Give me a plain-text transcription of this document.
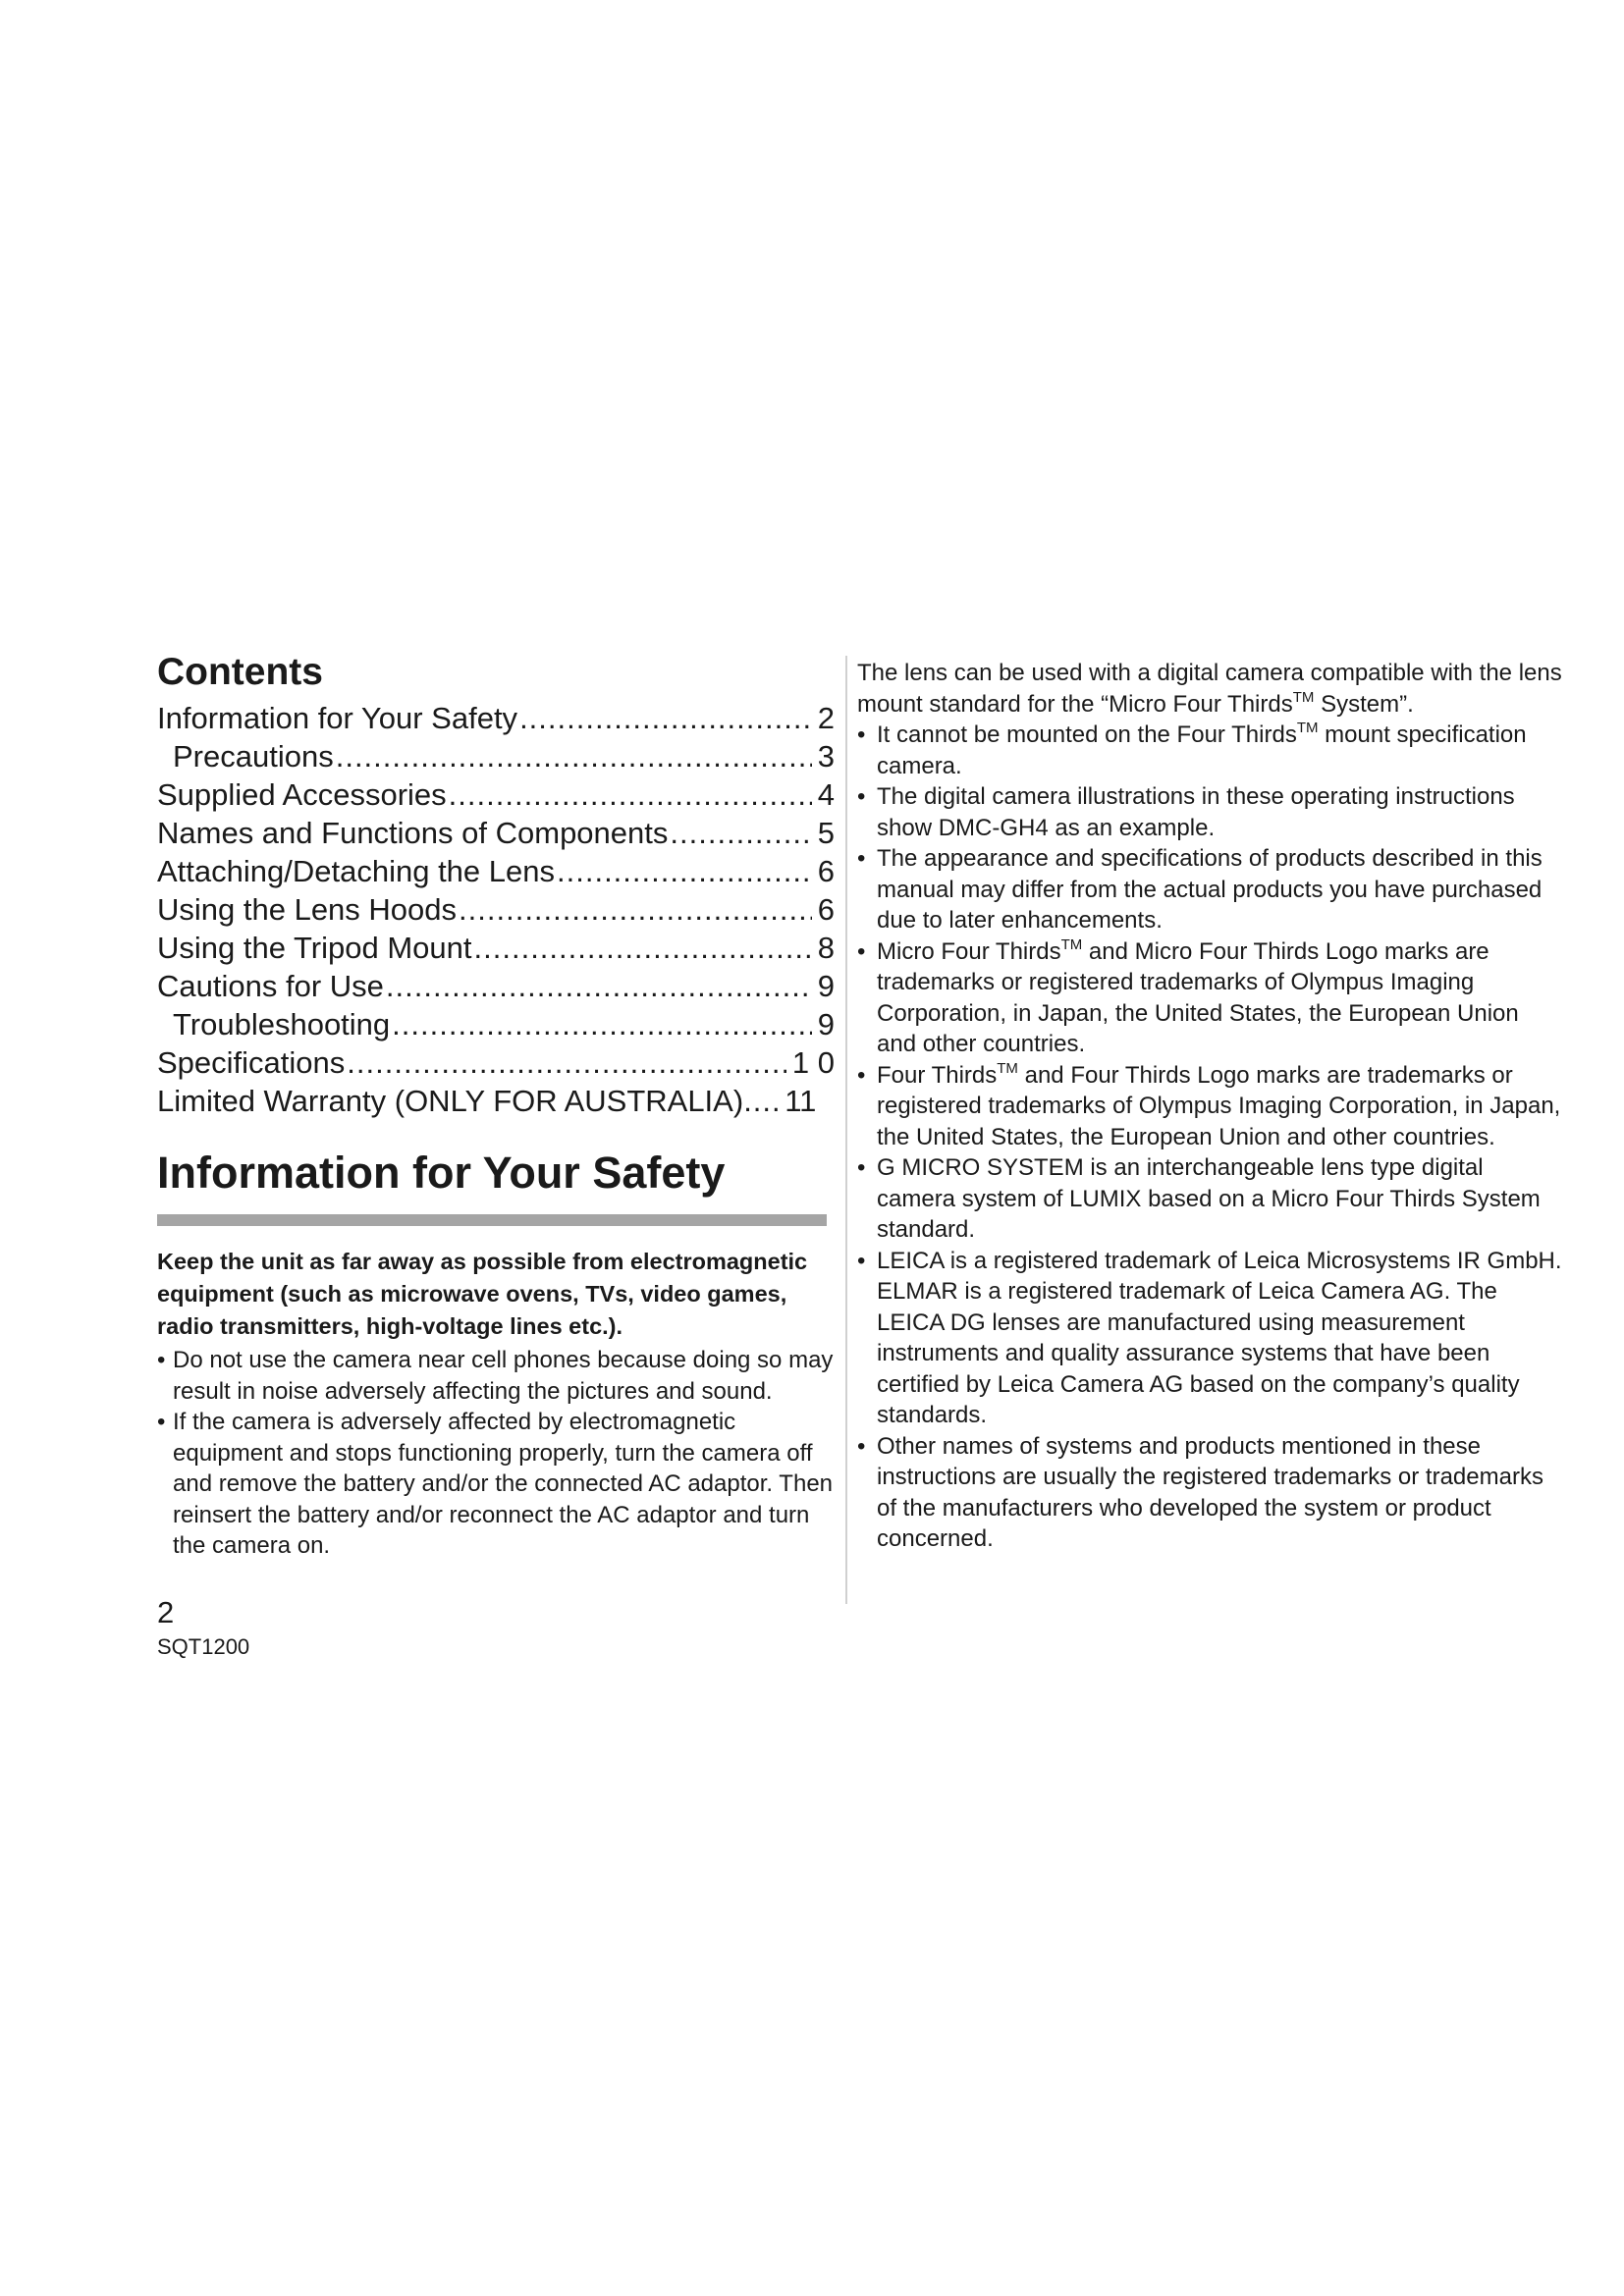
Contents
Information for Your Safety .....	2
Precautions .....	3
Supplied Accessories .....	4
Names and Functions of Components .....	5
Attaching/Detaching the Lens .....	6
Using the Lens Hoods .....	6
Using the Tripod Mount .....	8
Cautions for Use .....	9
Troubleshooting .....	9
Specifications .....	1 0
Limited Warranty (ONLY FOR AUSTRALIA) ..... 11
Information for Your Safety

Keep the unit as far away as possible from electromagnetic equipment (such as microwave ovens, TVs, video games, radio transmitters, high-voltage lines etc.).

• Do not use the camera near cell phones because doing so may result in noise adversely affecting the pictures and sound.
• If the camera is adversely affected by electromagnetic equipment and stops functioning properly, turn the camera off and remove the battery and/or the connected AC adaptor. Then reinsert the battery and/or reconnect the AC adaptor and turn the camera on.

The lens can be used with a digital camera compatible with the lens mount standard for the “Micro Four Thirds™ System”.

• It cannot be mounted on the Four Thirds™ mount specification camera.
• The digital camera illustrations in these operating instructions show DMC-GH4 as an example.
• The appearance and specifications of products described in this manual may differ from the actual products you have purchased due to later enhancements.
• Micro Four Thirds™ and Micro Four Thirds Logo marks are trademarks or registered trademarks of Olympus Imaging Corporation, in Japan, the United States, the European Union and other countries.
• Four Thirds™ and Four Thirds Logo marks are trademarks or registered trademarks of Olympus Imaging Corporation, in Japan, the United States, the European Union and other countries.
• G MICRO SYSTEM is an interchangeable lens type digital camera system of LUMIX based on a Micro Four Thirds System standard.
• LEICA is a registered trademark of Leica Microsystems IR GmbH. ELMAR is a registered trademark of Leica Camera AG. The LEICA DG lenses are manufactured using measurement instruments and quality assurance systems that have been certified by Leica Camera AG based on the company’s quality standards.
• Other names of systems and products mentioned in these instructions are usually the registered trademarks or trademarks of the manufacturers who developed the system or product concerned.
2
SQT1200
